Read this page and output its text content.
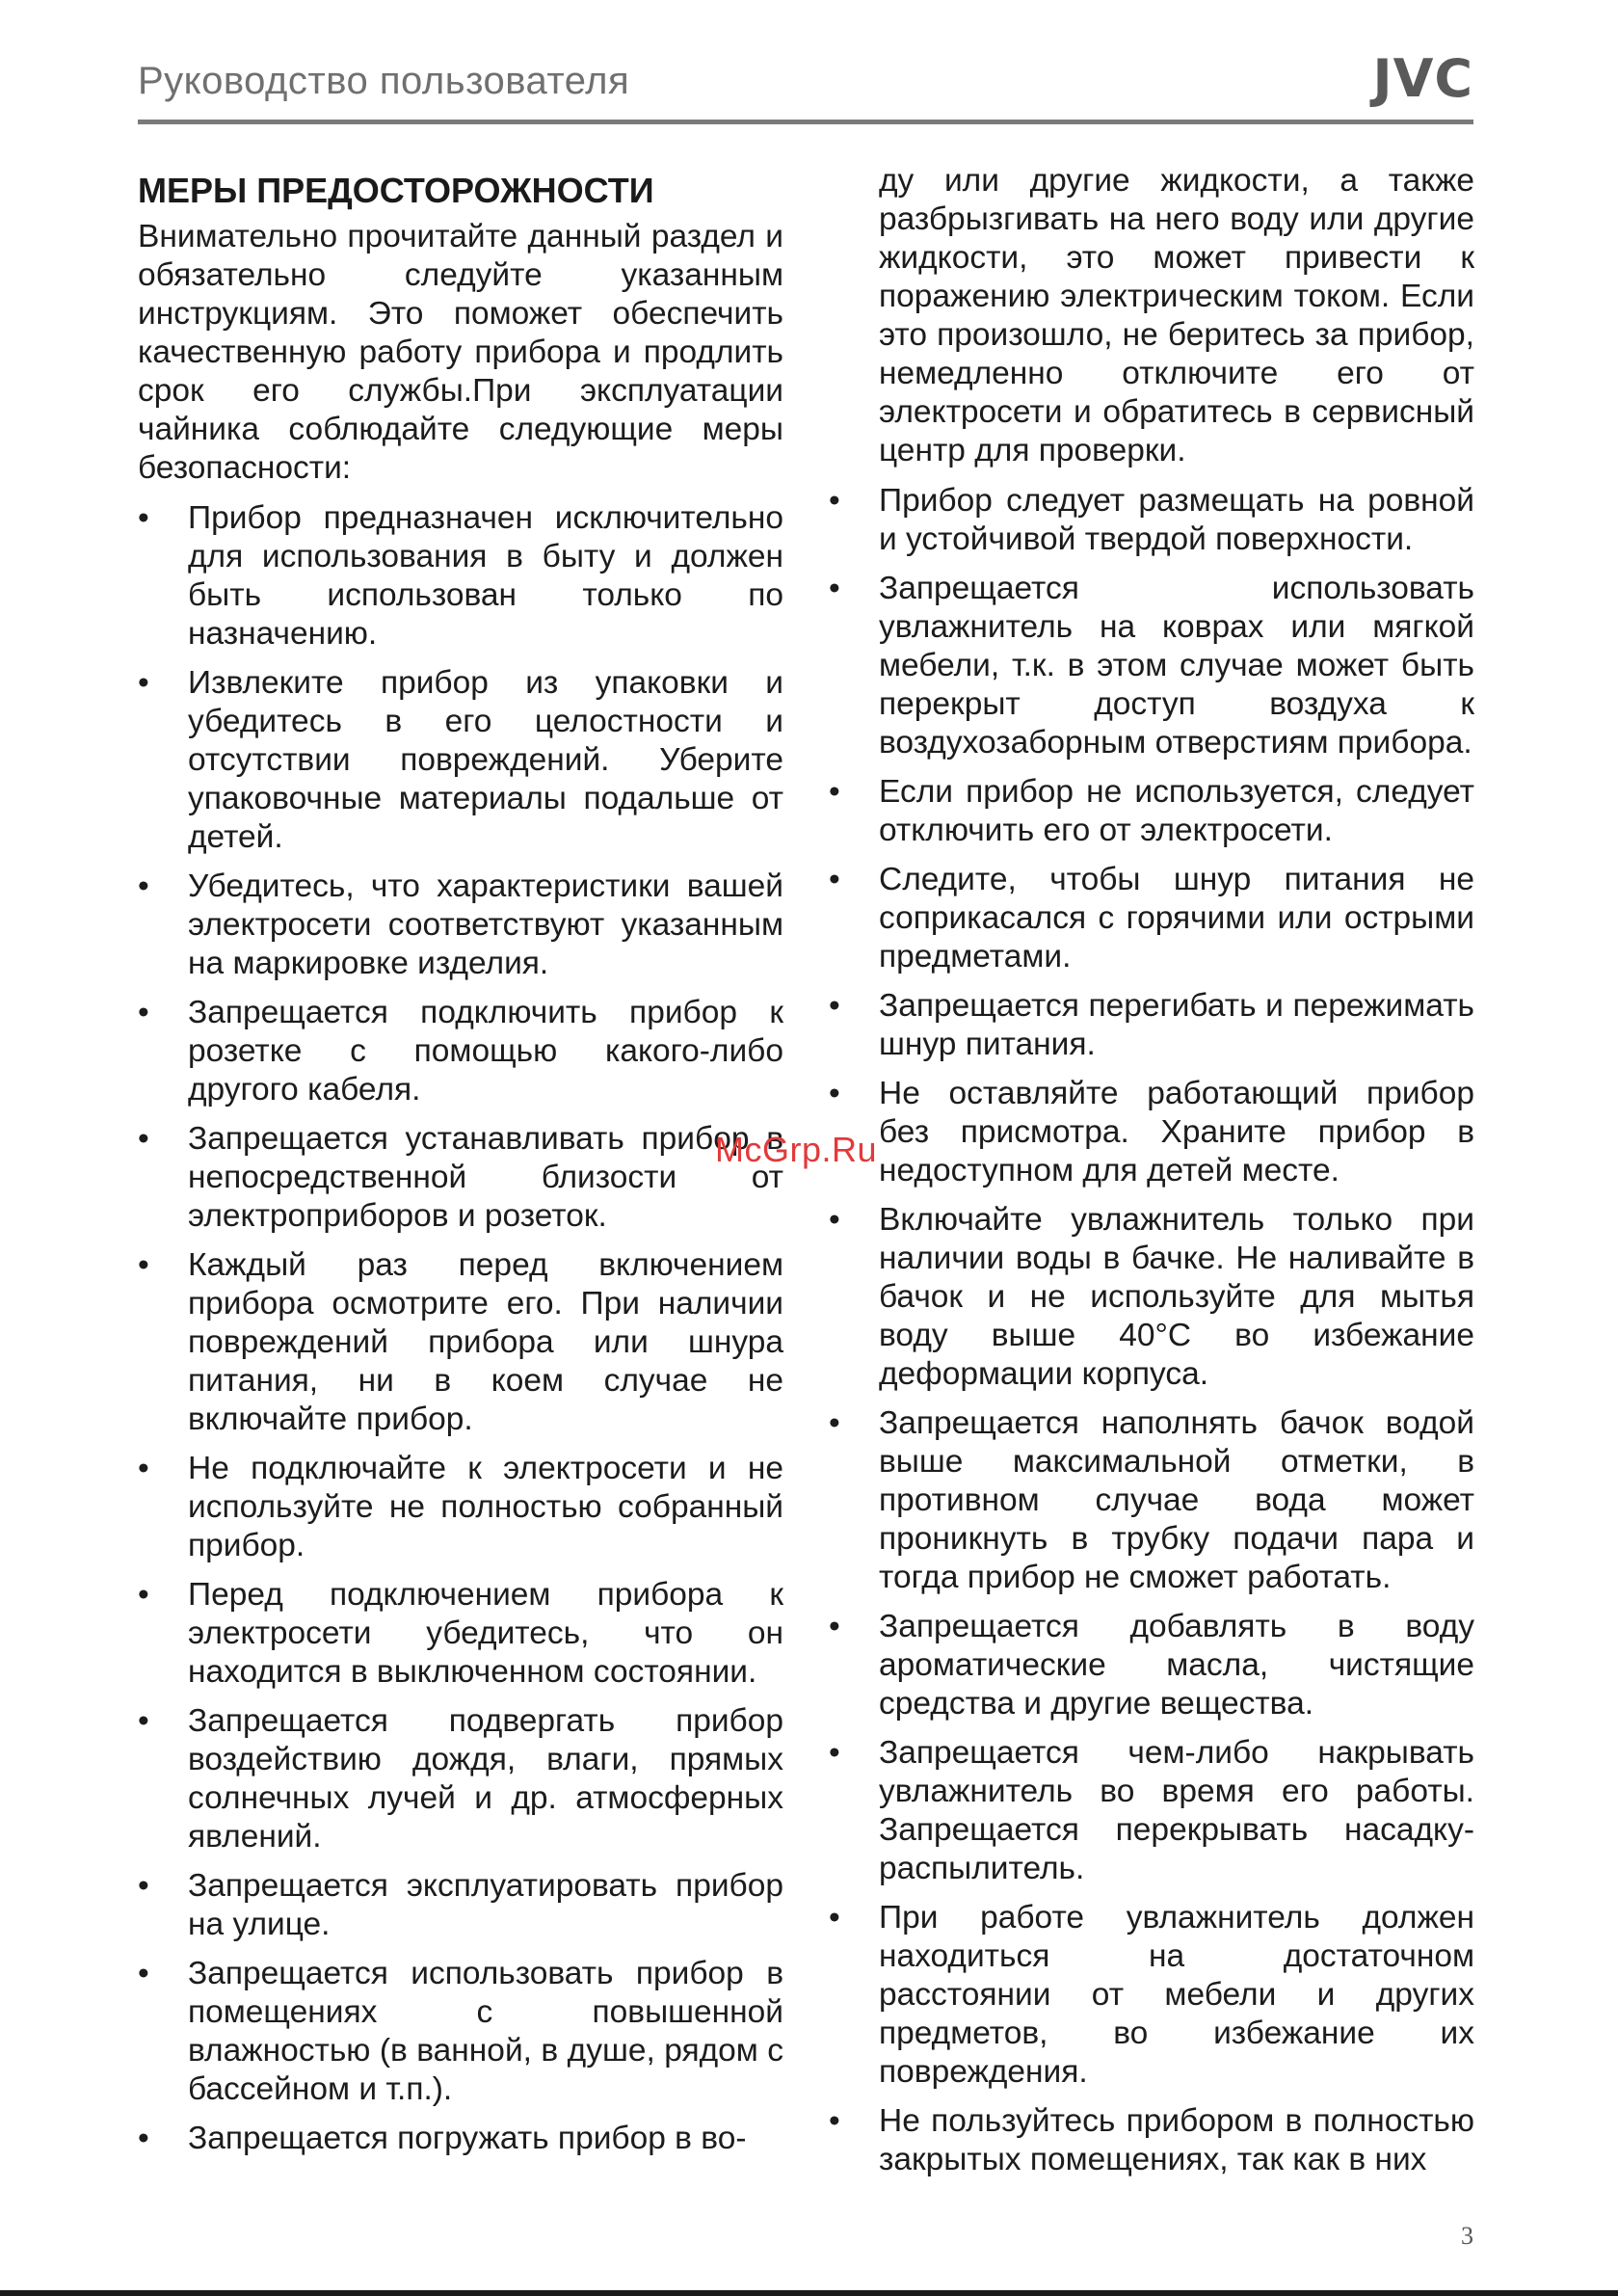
Руководство пользователя	JVC
МЕРЫ ПРЕДОСТОРОЖНОСТИ

Внимательно прочитайте данный раздел и обязательно следуйте указанным инструкциям. Это поможет обеспечить качественную работу прибора и продлить срок его службы.При эксплуатации чайника соблюдайте следующие меры безопасности:

• Прибор предназначен исключительно для использования в быту и должен быть использован только по назначению.
• Извлеките прибор из упаковки и убедитесь в его целостности и отсутствии повреждений. Уберите упаковочные материалы подальше от детей.
• Убедитесь, что характеристики вашей электросети соответствуют указанным на маркировке изделия.
• Запрещается подключить прибор к розетке с помощью какого-либо другого кабеля.
• Запрещается устанавливать прибор в непосредственной близости от электроприборов и розеток.
• Каждый раз перед включением прибора осмотрите его. При наличии повреждений прибора или шнура питания, ни в коем случае не включайте прибор.
• Не подключайте к электросети и не используйте не полностью собранный прибор.
• Перед подключением прибора к электросети убедитесь, что он находится в выключенном состоянии.
• Запрещается подвергать прибор воздействию дождя, влаги, прямых солнечных лучей и др. атмосферных явлений.
• Запрещается эксплуатировать прибор на улице.
• Запрещается использовать прибор в помещениях с повышенной влажностью (в ванной, в душе, рядом с бассейном и т.п.).
• Запрещается погружать прибор в во-

ду или другие жидкости, а также разбрызгивать на него воду или другие жидкости, это может привести к поражению электрическим током. Если это произошло, не беритесь за прибор, немедленно отключите его от электросети и обратитесь в сервисный центр для проверки.

• Прибор следует размещать на ровной и устойчивой твердой поверхности.
• Запрещается использовать увлажнитель на коврах или мягкой мебели, т.к. в этом случае может быть перекрыт доступ воздуха к воздухозаборным отверстиям прибора.
• Если прибор не используется, следует отключить его от электросети.
• Следите, чтобы шнур питания не соприкасался с горячими или острыми предметами.
• Запрещается перегибать и пережимать шнур питания.
• Не оставляйте работающий прибор без присмотра. Храните прибор в недоступном для детей месте.
• Включайте увлажнитель только при наличии воды в бачке. Не наливайте в бачок и не используйте для мытья воду выше 40°C во избежание деформации корпуса.
• Запрещается наполнять бачок водой выше максимальной отметки, в противном случае вода может проникнуть в трубку подачи пара и тогда прибор не сможет работать.
• Запрещается добавлять в воду ароматические масла, чистящие средства и другие вещества.
• Запрещается чем-либо накрывать увлажнитель во время его работы. Запрещается перекрывать насадку-распылитель.
• При работе увлажнитель должен находиться на достаточном расстоянии от мебели и других предметов, во избежание их повреждения.
• Не пользуйтесь прибором в полностью закрытых помещениях, так как в них
McGrp.Ru
3
